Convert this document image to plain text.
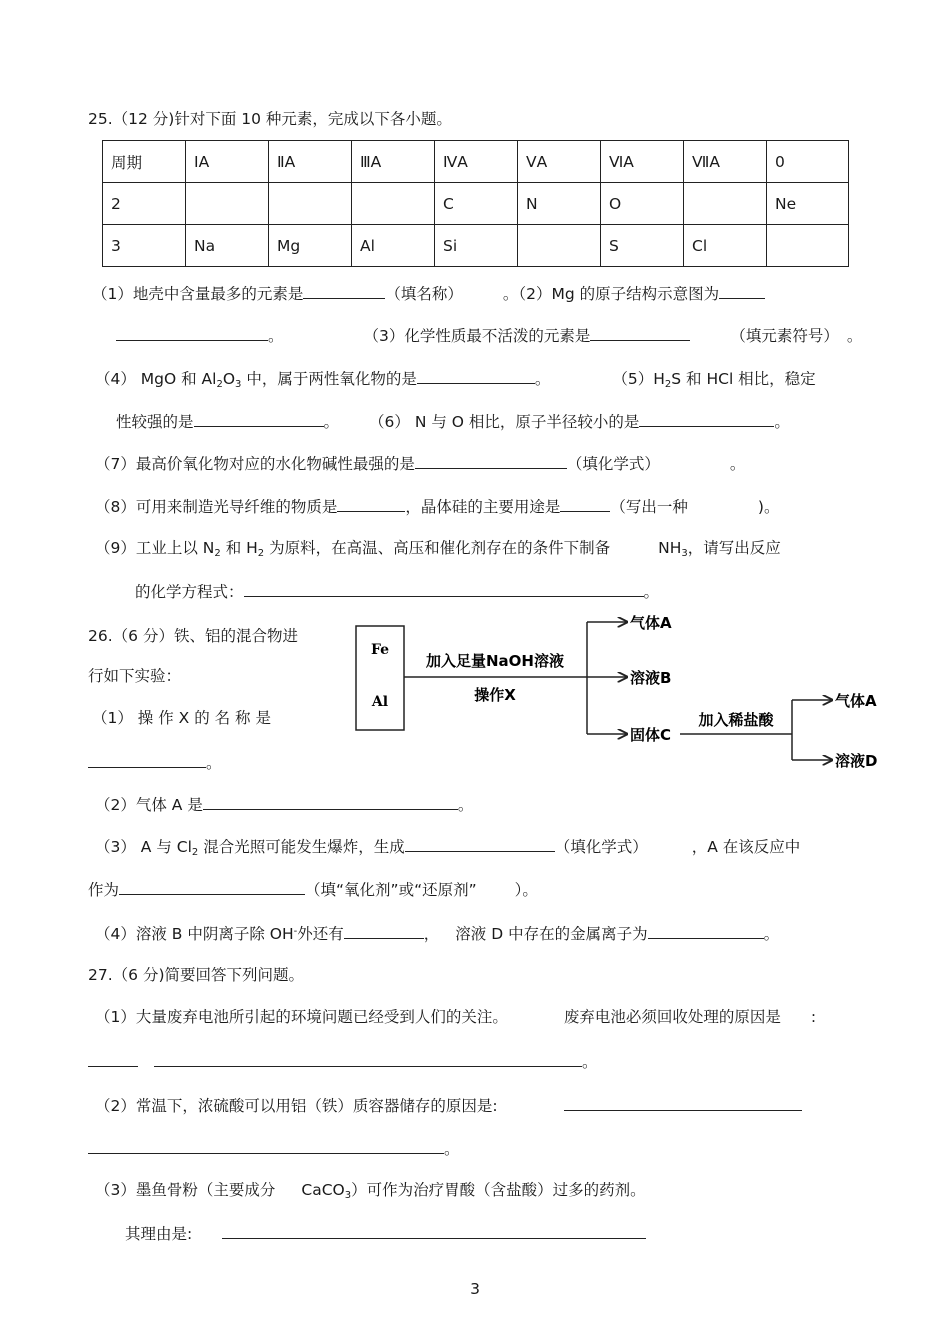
25.（12 分)针对下面 10 种元素，完成以下各小题。
周期	ⅠA	ⅡA	ⅢA	ⅣA	ⅤA	ⅥA	ⅦA	0
2				C	N	O		Ne
3	Na	Mg	Al	Si		S	Cl	
（1）地壳中含量最多的元素是	（填名称）	。（2）Mg 的原子结构示意图为
。	（3）化学性质最不活泼的元素是	（填元素符号） 。
（4） MgO 和 $Al_2O_3$ 中，属于两性氧化物的是	。	$(5)H_2S$ 和 HCl 相比，稳定
性较强的是	。 （6） N 与 O 相比，原子半径较小的是	。
（7）最高价氧化物对应的水化物碱性最强的是	（填化学式）	。
（8）可用来制造光导纤维的物质是	，晶体硅的主要用途是	（写出一种	)。
（9）工业上以 $N_2$ 和 $H_2$ 为原料，在高温、高压和催化剂存在的条件下制备	$NH_3$，请写出反应
的化学方程式：	。
26.（6 分）铁、铝的混合物进
行如下实验：
（1） 操 作 X 的 名 称 是
。
Fe
Al
加入足量NaOH溶液
操作X
气体A
溶液B
固体C
加入稀盐酸
气体A
溶液D
（2）气体 A 是	。
（3） A 与 $Cl_2$ 混合光照可能发生爆炸，生成	（填化学式）	，A 在该反应中
作为	（填“氧化剂”或“还原剂” ）。
（4）溶液 B 中阴离子除 OH-外还有	， 溶液 D 中存在的金属离子为	。
27.（6 分)简要回答下列问题。
（1）大量废弃电池所引起的环境问题已经受到人们的关注。	废弃电池必须回收处理的原因是 :
。
（2）常温下，浓硫酸可以用铝（铁）质容器储存的原因是:
。
（3）墨鱼骨粉（主要成分 CaCO$_3$）可作为治疗胃酸（含盐酸）过多的药剂。
其理由是:
3
